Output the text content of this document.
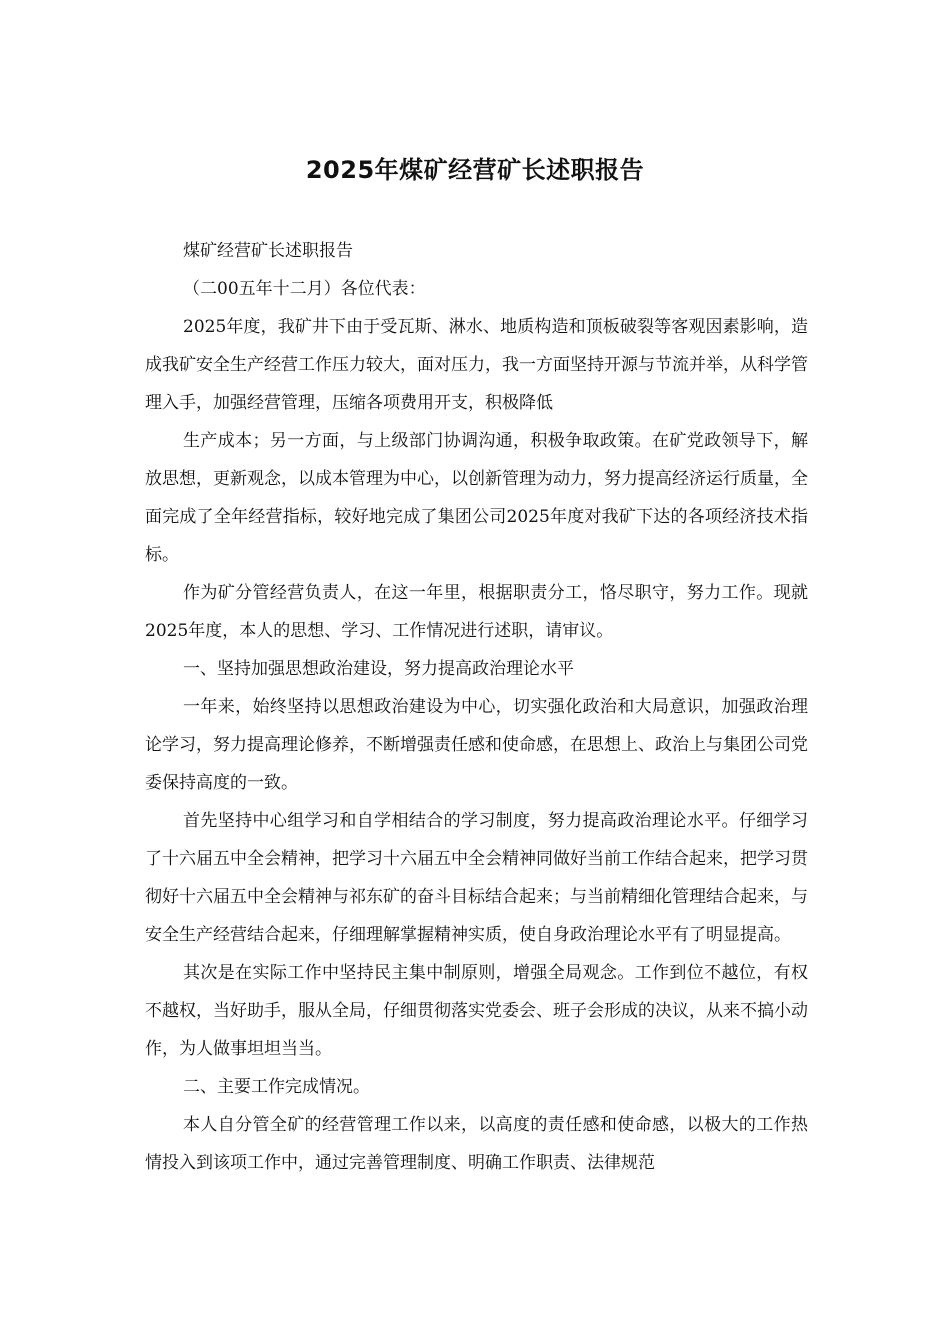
2025年煤矿经营矿长述职报告

煤矿经营矿长述职报告

（二00五年十二月）各位代表：

2025年度，我矿井下由于受瓦斯、淋水、地质构造和顶板破裂等客观因素影响，造成我矿安全生产经营工作压力较大，面对压力，我一方面坚持开源与节流并举，从科学管理入手，加强经营管理，压缩各项费用开支，积极降低

生产成本；另一方面，与上级部门协调沟通，积极争取政策。在矿党政领导下，解放思想，更新观念，以成本管理为中心，以创新管理为动力，努力提高经济运行质量，全面完成了全年经营指标，较好地完成了集团公司2025年度对我矿下达的各项经济技术指标。

作为矿分管经营负责人，在这一年里，根据职责分工，恪尽职守，努力工作。现就2025年度，本人的思想、学习、工作情况进行述职，请审议。

一、坚持加强思想政治建设，努力提高政治理论水平

一年来，始终坚持以思想政治建设为中心，切实强化政治和大局意识，加强政治理论学习，努力提高理论修养，不断增强责任感和使命感，在思想上、政治上与集团公司党委保持高度的一致。

首先坚持中心组学习和自学相结合的学习制度，努力提高政治理论水平。仔细学习了十六届五中全会精神，把学习十六届五中全会精神同做好当前工作结合起来，把学习贯彻好十六届五中全会精神与祁东矿的奋斗目标结合起来；与当前精细化管理结合起来，与安全生产经营结合起来，仔细理解掌握精神实质，使自身政治理论水平有了明显提高。

其次是在实际工作中坚持民主集中制原则，增强全局观念。工作到位不越位，有权不越权，当好助手，服从全局，仔细贯彻落实党委会、班子会形成的决议，从来不搞小动作，为人做事坦坦当当。

二、主要工作完成情况。

本人自分管全矿的经营管理工作以来，以高度的责任感和使命感，以极大的工作热情投入到该项工作中，通过完善管理制度、明确工作职责、法律规范
